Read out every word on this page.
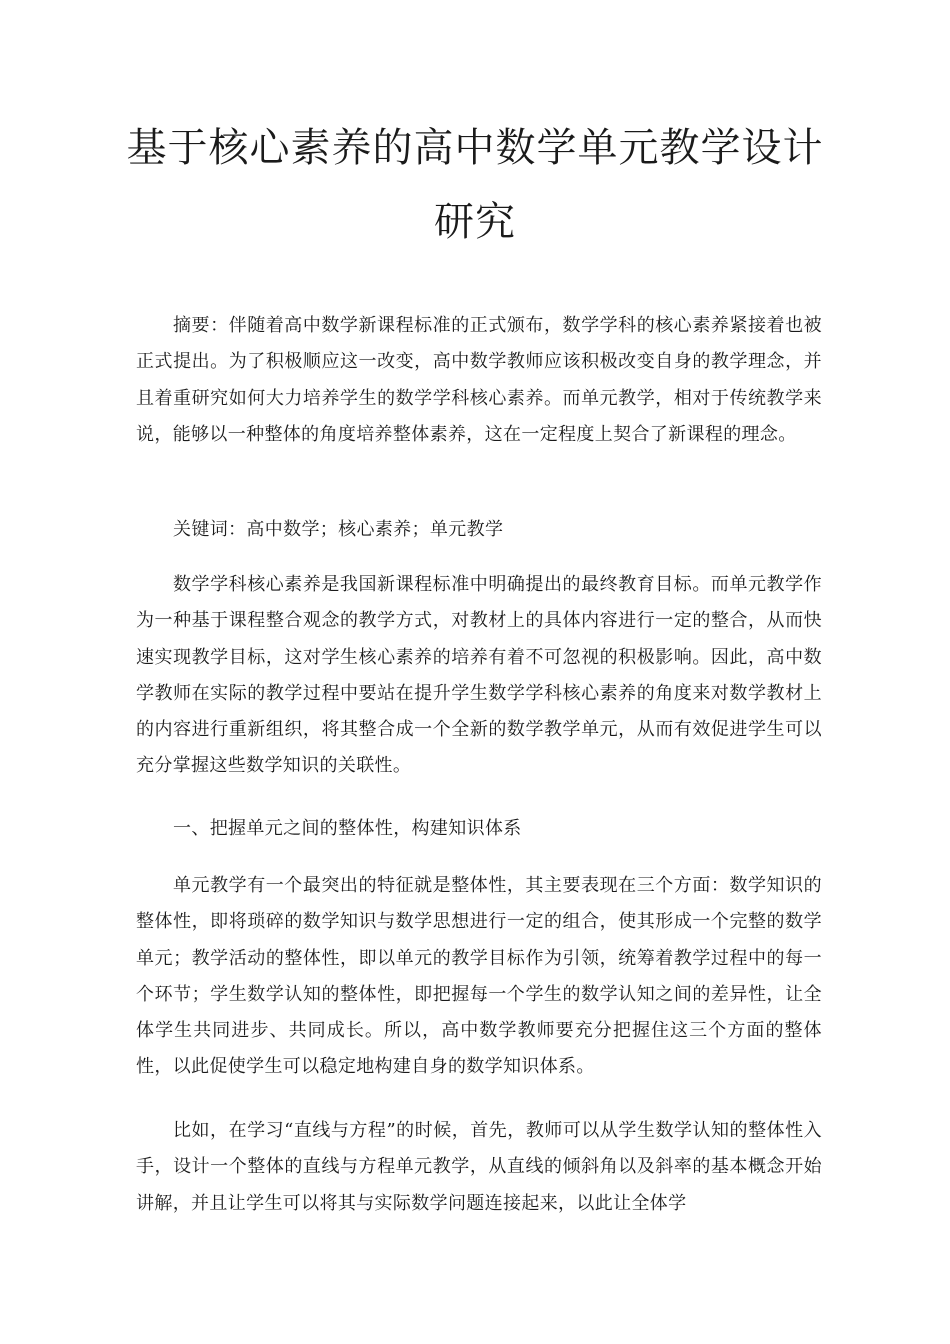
基于核心素养的高中数学单元教学设计
研究

摘要：伴随着高中数学新课程标准的正式颁布，数学学科的核心素养紧接着也被正式提出。为了积极顺应这一改变，高中数学教师应该积极改变自身的教学理念，并且着重研究如何大力培养学生的数学学科核心素养。而单元教学，相对于传统教学来说，能够以一种整体的角度培养整体素养，这在一定程度上契合了新课程的理念。

关键词：高中数学；核心素养；单元教学

数学学科核心素养是我国新课程标准中明确提出的最终教育目标。而单元教学作为一种基于课程整合观念的教学方式，对教材上的具体内容进行一定的整合，从而快速实现教学目标，这对学生核心素养的培养有着不可忽视的积极影响。因此，高中数学教师在实际的教学过程中要站在提升学生数学学科核心素养的角度来对数学教材上的内容进行重新组织，将其整合成一个全新的数学教学单元，从而有效促进学生可以充分掌握这些数学知识的关联性。

一、把握单元之间的整体性，构建知识体系

单元教学有一个最突出的特征就是整体性，其主要表现在三个方面：数学知识的整体性，即将琐碎的数学知识与数学思想进行一定的组合，使其形成一个完整的数学单元；教学活动的整体性，即以单元的教学目标作为引领，统筹着教学过程中的每一个环节；学生数学认知的整体性，即把握每一个学生的数学认知之间的差异性，让全体学生共同进步、共同成长。所以，高中数学教师要充分把握住这三个方面的整体性，以此促使学生可以稳定地构建自身的数学知识体系。

比如，在学习“直线与方程”的时候，首先，教师可以从学生数学认知的整体性入手，设计一个整体的直线与方程单元教学，从直线的倾斜角以及斜率的基本概念开始讲解，并且让学生可以将其与实际数学问题连接起来，以此让全体学
